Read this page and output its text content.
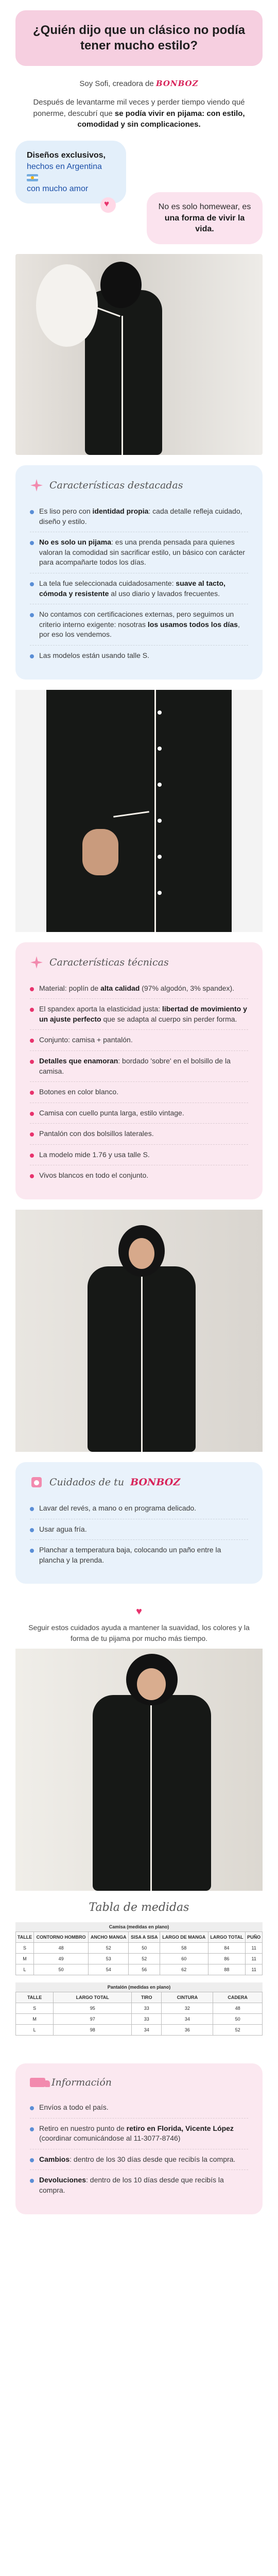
¿Quién dijo que un clásico no podía tener mucho estilo?
Soy Sofi, creadora de BONBOZ

Después de levantarme mil veces y perder tiempo viendo qué ponerme, descubrí que se podía vivir en pijama: con estilo, comodidad y sin complicaciones.

Diseños exclusivos,
hechos en Argentina
con mucho amor
♥
No es solo homewear, es una forma de vivir la vida.
Características destacadas
Es liso pero con identidad propia: cada detalle refleja cuidado, diseño y estilo.
No es solo un pijama: es una prenda pensada para quienes valoran la comodidad sin sacrificar estilo, un básico con carácter para acompañarte todos los días.
La tela fue seleccionada cuidadosamente: suave al tacto, cómoda y resistente al uso diario y lavados frecuentes.
No contamos con certificaciones externas, pero seguimos un criterio interno exigente: nosotras los usamos todos los días, por eso los vendemos.
Las modelos están usando talle S.
Características técnicas
Material: poplín de alta calidad (97% algodón, 3% spandex).
El spandex aporta la elasticidad justa: libertad de movimiento y un ajuste perfecto que se adapta al cuerpo sin perder forma.
Conjunto: camisa + pantalón.
Detalles que enamoran: bordado 'sobre' en el bolsillo de la camisa.
Botones en color blanco.
Camisa con cuello punta larga, estilo vintage.
Pantalón con dos bolsillos laterales.
La modelo mide 1.76 y usa talle S.
Vivos blancos en todo el conjunto.
Cuidados de tu BONBOZ
Lavar del revés, a mano o en programa delicado.
Usar agua fría.
Planchar a temperatura baja, colocando un paño entre la plancha y la prenda.
♥

Seguir estos cuidados ayuda a mantener la suavidad, los colores y la forma de tu pijama por mucho más tiempo.

Tabla de medidas
Camisa (medidas en plano)
TALLE	CONTORNO HOMBRO	ANCHO MANGA	SISA A SISA	LARGO DE MANGA	LARGO TOTAL	PUÑO
S	48	52	50	58	84	11
M	49	53	52	60	86	11
L	50	54	56	62	88	11
Pantalón (medidas en plano)
TALLE	LARGO TOTAL	TIRO	CINTURA	CADERA
S	95	33	32	48
M	97	33	34	50
L	98	34	36	52
Información
Envíos a todo el país.
Retiro en nuestro punto de retiro en Florida, Vicente López (coordinar comunicándose al 11-3077-8746)
Cambios: dentro de los 30 días desde que recibís la compra.
Devoluciones: dentro de los 10 días desde que recibís la compra.
